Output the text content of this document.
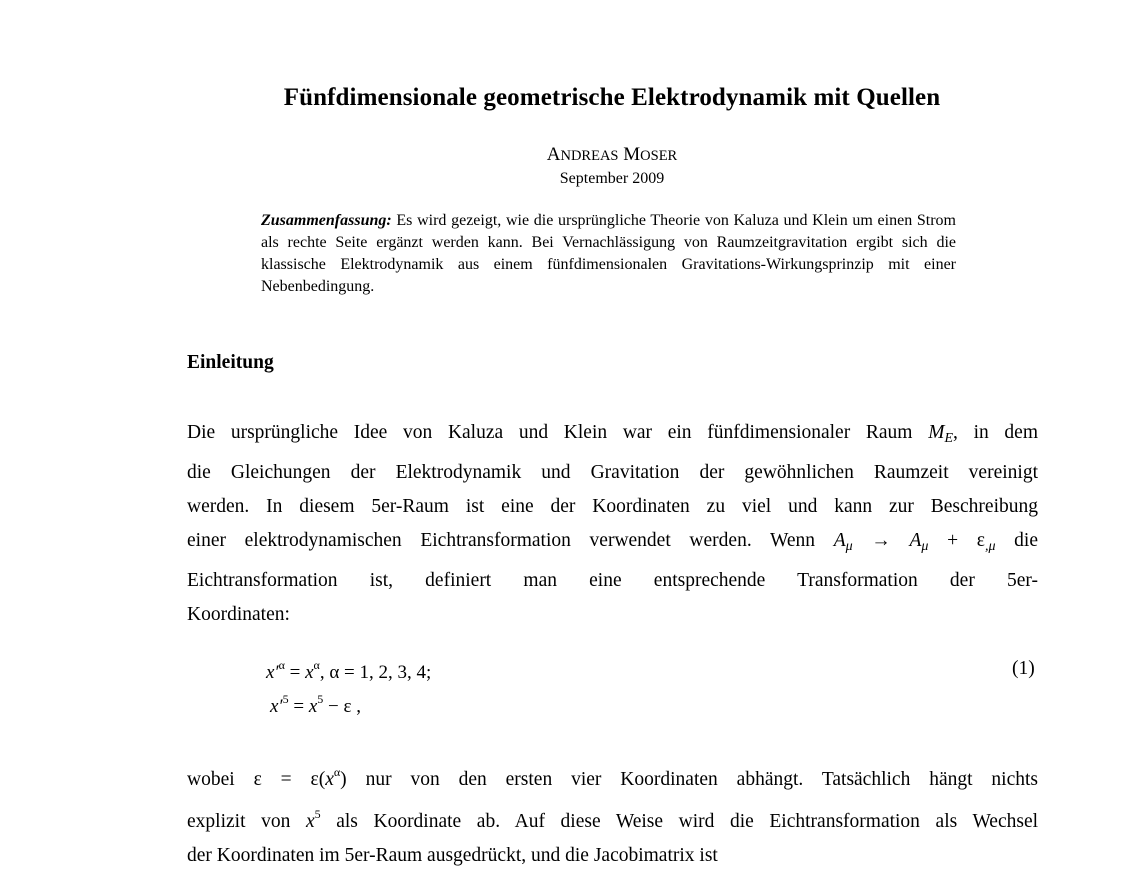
Fünfdimensionale geometrische Elektrodynamik mit Quellen
ANDREAS MOSER
September 2009
Zusammenfassung: Es wird gezeigt, wie die ursprüngliche Theorie von Kaluza und Klein um einen Strom als rechte Seite ergänzt werden kann. Bei Vernachlässigung von Raumzeitgravitation ergibt sich die klassische Elektrodynamik aus einem fünfdimensionalen Gravitations-Wirkungsprinzip mit einer Nebenbedingung.
Einleitung
Die ursprüngliche Idee von Kaluza und Klein war ein fünfdimensionaler Raum $M_E$, in dem
die Gleichungen der Elektrodynamik und Gravitation der gewöhnlichen Raumzeit vereinigt
werden. In diesem 5er-Raum ist eine der Koordinaten zu viel und kann zur Beschreibung
einer elektrodynamischen Eichtransformation verwendet werden. Wenn $A_\mu \to A_\mu + \varepsilon_{,\mu}$ die
Eichtransformation ist, definiert man eine entsprechende Transformation der 5er-
Koordinaten:
$x'^\alpha = x^\alpha$, α = 1, 2, 3, 4;
$x'^5 = x^5 - \varepsilon$ ,
(1)
wobei $\varepsilon = \varepsilon(x^\alpha)$ nur von den ersten vier Koordinaten abhängt. Tatsächlich hängt nichts
explizit von $x^5$ als Koordinate ab. Auf diese Weise wird die Eichtransformation als Wechsel
der Koordinaten im 5er-Raum ausgedrückt, und die Jacobimatrix ist
